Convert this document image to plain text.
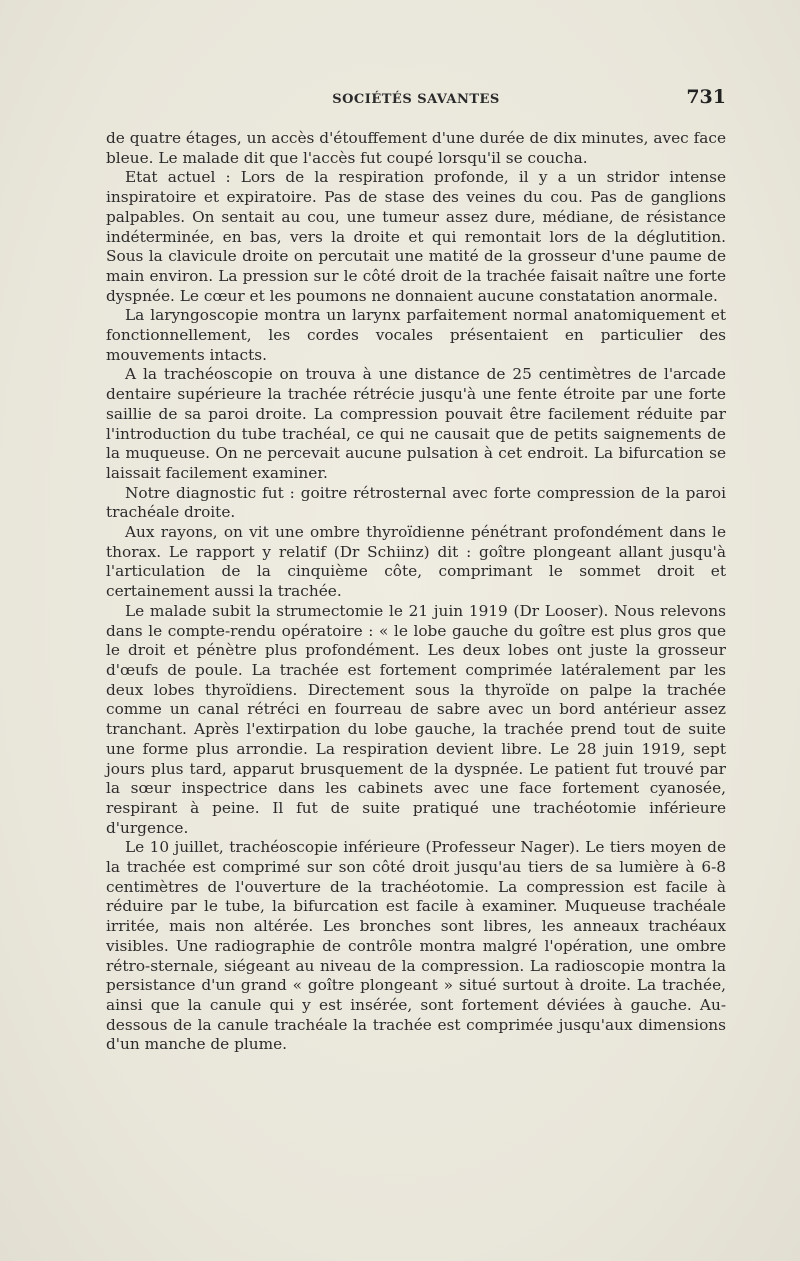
SOCIÉTÉS SAVANTES	731

de quatre étages, un accès d'étouffement d'une durée de dix minutes, avec face bleue. Le malade dit que l'accès fut coupé lorsqu'il se coucha.

Etat actuel : Lors de la respiration profonde, il y a un stridor intense inspiratoire et expiratoire. Pas de stase des veines du cou. Pas de ganglions palpables. On sentait au cou, une tumeur assez dure, médiane, de résistance indéterminée, en bas, vers la droite et qui remontait lors de la déglutition. Sous la clavicule droite on percutait une matité de la grosseur d'une paume de main environ. La pression sur le côté droit de la trachée faisait naître une forte dyspnée. Le cœur et les poumons ne donnaient aucune constatation anormale.

La laryngoscopie montra un larynx parfaitement normal anatomiquement et fonctionnellement, les cordes vocales présentaient en particulier des mouvements intacts.

A la trachéoscopie on trouva à une distance de 25 centimètres de l'arcade dentaire supérieure la trachée rétrécie jusqu'à une fente étroite par une forte saillie de sa paroi droite. La compression pouvait être facilement réduite par l'introduction du tube trachéal, ce qui ne causait que de petits saignements de la muqueuse. On ne percevait aucune pulsation à cet endroit. La bifurcation se laissait facilement examiner.

Notre diagnostic fut : goitre rétrosternal avec forte compression de la paroi trachéale droite.

Aux rayons, on vit une ombre thyroïdienne pénétrant profondément dans le thorax. Le rapport y relatif (Dr Schiinz) dit : goître plongeant allant jusqu'à l'articulation de la cinquième côte, comprimant le sommet droit et certainement aussi la trachée.

Le malade subit la strumectomie le 21 juin 1919 (Dr Looser). Nous relevons dans le compte-rendu opératoire : « le lobe gauche du goître est plus gros que le droit et pénètre plus profondément. Les deux lobes ont juste la grosseur d'œufs de poule. La trachée est fortement comprimée latéralement par les deux lobes thyroïdiens. Directement sous la thyroïde on palpe la trachée comme un canal rétréci en fourreau de sabre avec un bord antérieur assez tranchant. Après l'extirpation du lobe gauche, la trachée prend tout de suite une forme plus arrondie. La respiration devient libre. Le 28 juin 1919, sept jours plus tard, apparut brusquement de la dyspnée. Le patient fut trouvé par la sœur inspectrice dans les cabinets avec une face fortement cyanosée, respirant à peine. Il fut de suite pratiqué une trachéotomie inférieure d'urgence.

Le 10 juillet, trachéoscopie inférieure (Professeur Nager). Le tiers moyen de la trachée est comprimé sur son côté droit jusqu'au tiers de sa lumière à 6-8 centimètres de l'ouverture de la trachéotomie. La compression est facile à réduire par le tube, la bifurcation est facile à examiner. Muqueuse trachéale irritée, mais non altérée. Les bronches sont libres, les anneaux trachéaux visibles. Une radiographie de contrôle montra malgré l'opération, une ombre rétro-sternale, siégeant au niveau de la compression. La radioscopie montra la persistance d'un grand « goître plongeant » situé surtout à droite. La trachée, ainsi que la canule qui y est insérée, sont fortement déviées à gauche. Au-dessous de la canule trachéale la trachée est comprimée jusqu'aux dimensions d'un manche de plume.
